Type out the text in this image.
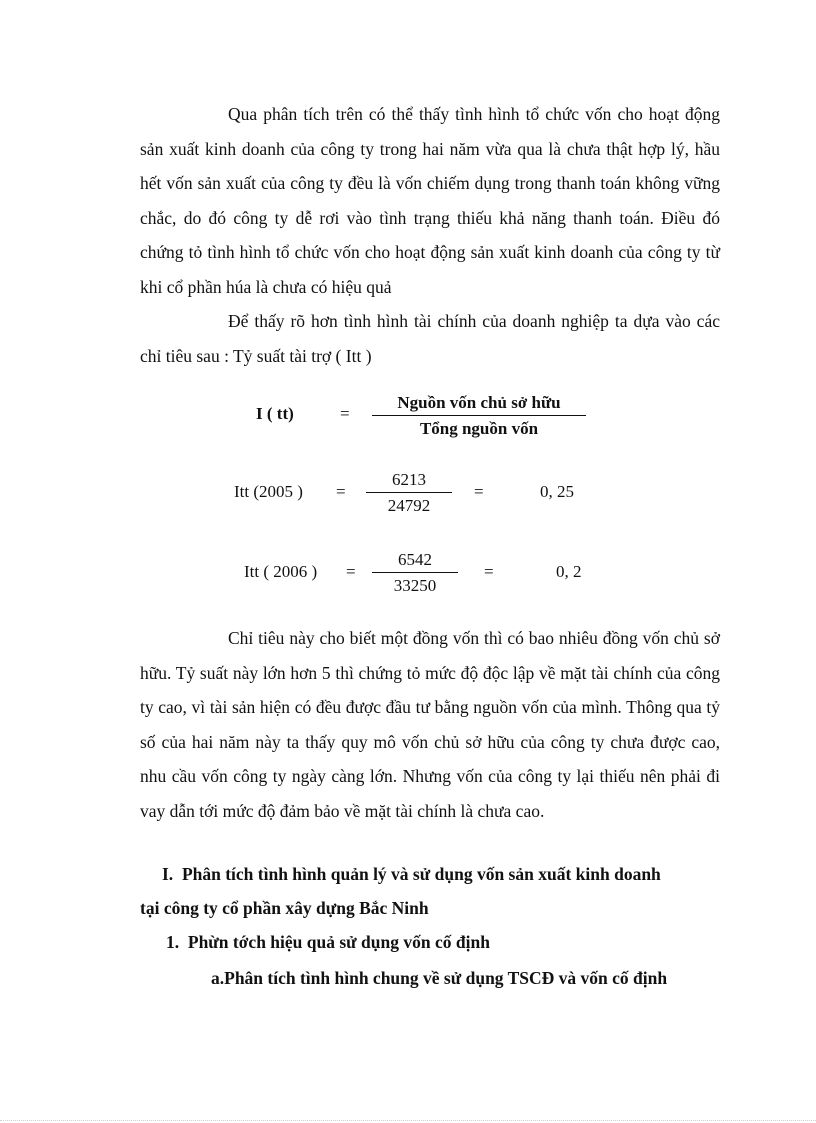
Qua phân tích trên có thể thấy tình hình tổ chức vốn cho hoạt động sản xuất kinh doanh của công ty trong hai năm vừa qua là chưa thật hợp lý, hầu hết vốn sản xuất của công ty đều là vốn chiếm dụng trong thanh toán không vững chắc, do đó công ty dễ rơi vào tình trạng thiếu khả năng thanh toán. Điều đó chứng tỏ tình hình tổ chức vốn cho hoạt động sản xuất kinh doanh của công ty từ khi cổ phần húa là chưa có hiệu quả

Để thấy rõ hơn tình hình tài chính của doanh nghiệp ta dựa vào các chỉ tiêu sau : Tỷ suất tài trợ ( Itt )

I ( tt)	=
Nguồn vốn chủ sở hữu
Tổng nguồn vốn
Itt (2005 ) =
6213
24792
=	0, 25
Itt ( 2006 ) =
6542
33250
=	0, 2

Chỉ tiêu này cho biết một đồng vốn thì có bao nhiêu đồng vốn chủ sở hữu. Tỷ suất này lớn hơn 5 thì chứng tỏ mức độ độc lập về mặt tài chính của công ty cao, vì tài sản hiện có đều được đầu tư bằng nguồn vốn của mình. Thông qua tỷ số của hai năm này ta thấy quy mô vốn chủ sở hữu của công ty chưa được cao, nhu cầu vốn công ty ngày càng lớn. Nhưng vốn của công ty lại thiếu nên phải đi vay dẫn tới mức độ đảm bảo về mặt tài chính là chưa cao.

I. Phân tích tình hình quản lý và sử dụng vốn sản xuất kinh doanh

tại công ty cổ phần xây dựng Bắc Ninh

1. Phừn tớch hiệu quả sử dụng vốn cố định

a.Phân tích tình hình chung về sử dụng TSCĐ và vốn cố định
